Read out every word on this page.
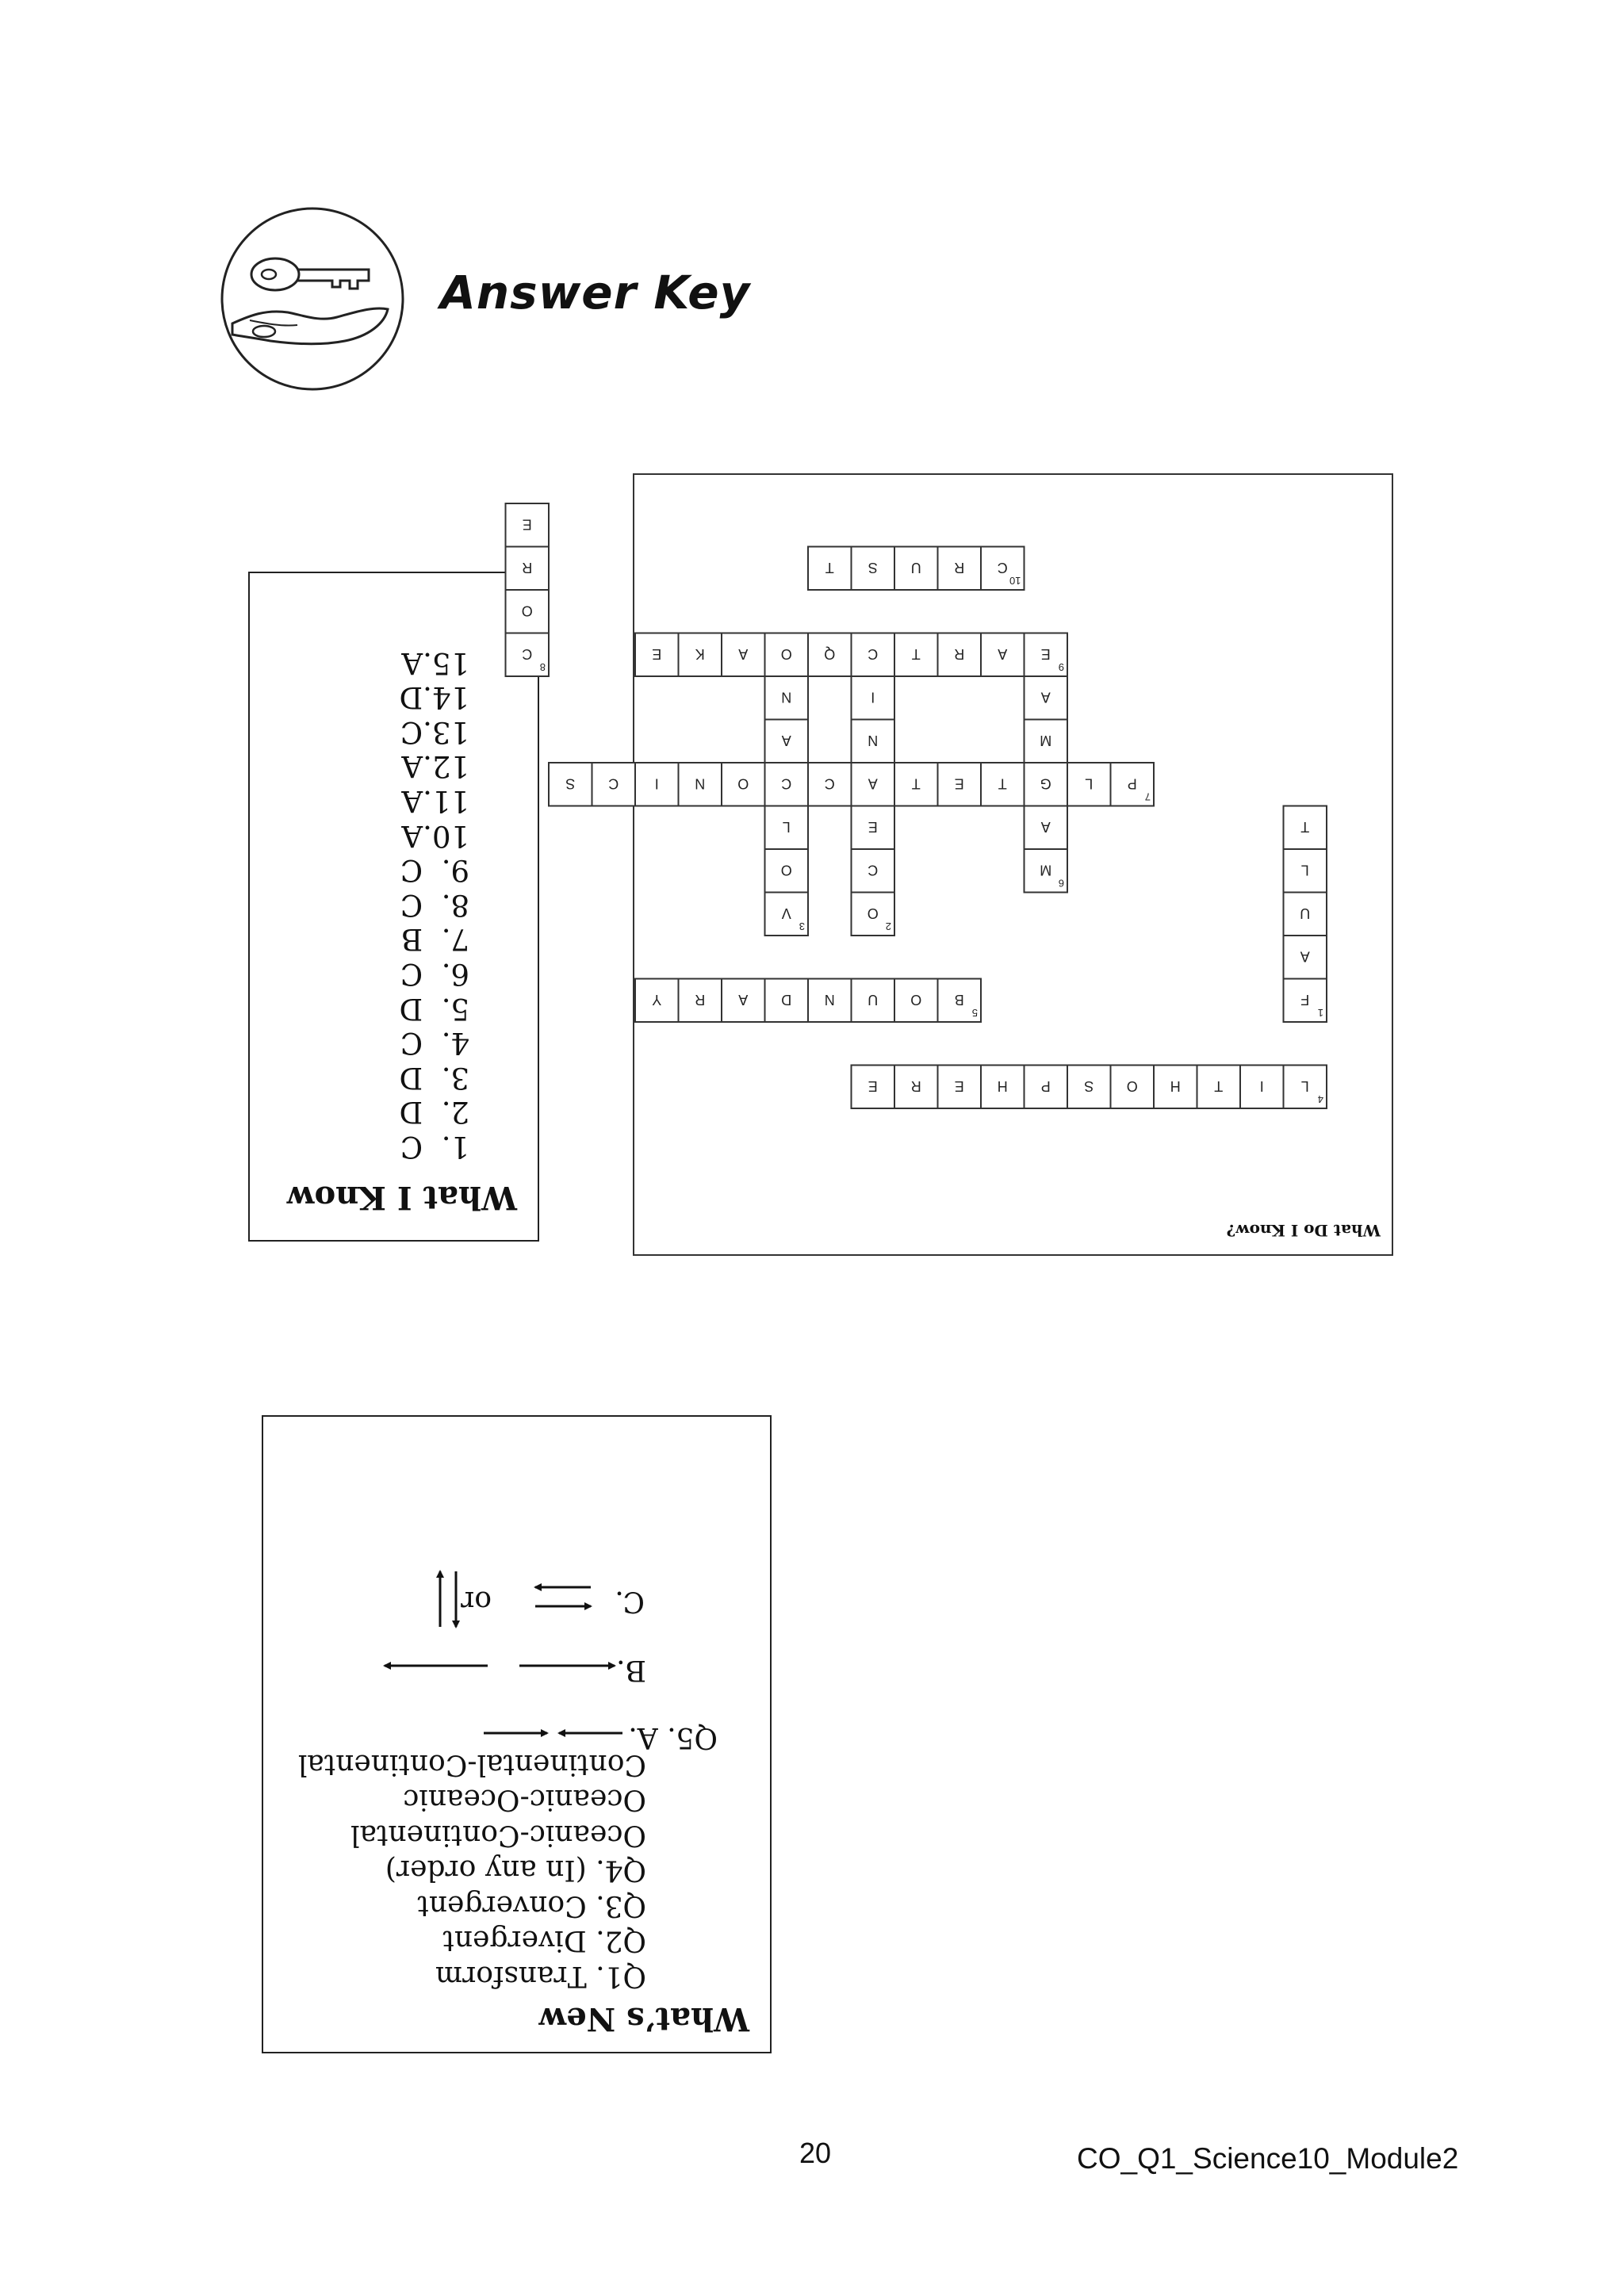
Answer Key
What I Know
1.  C
2.  D
3.  D
4.  C
5.  D
6.  C
7.  B
8.  C
9.  C
10.A
11.A
12.A
13.C
14.D
15.A
What Do I Know?
F
1
A
U
L
T
O
2
C
E
A
N
I
C
V
3
O
L
C
A
N
O
L
4
I
T
H
O
S
P
H
E
R
E
B
5
O
U
N
D
A
R
Y
M
6
A
G
M
A
P
7
L
T
E
T
C
O
N
I
C
S
C
8
O
R
E
E
9
A
R
T
Q
A
K
E
C
10
R
U
S
T
What’s New
Q1. Transform
Q2. Divergent
Q3. Convergent
Q4. (In any order)
Oceanic-Continental
Oceanic-Oceanic
Continental-Continental
Q5. A.
B.
C.
or
20	CO_Q1_Science10_Module2
